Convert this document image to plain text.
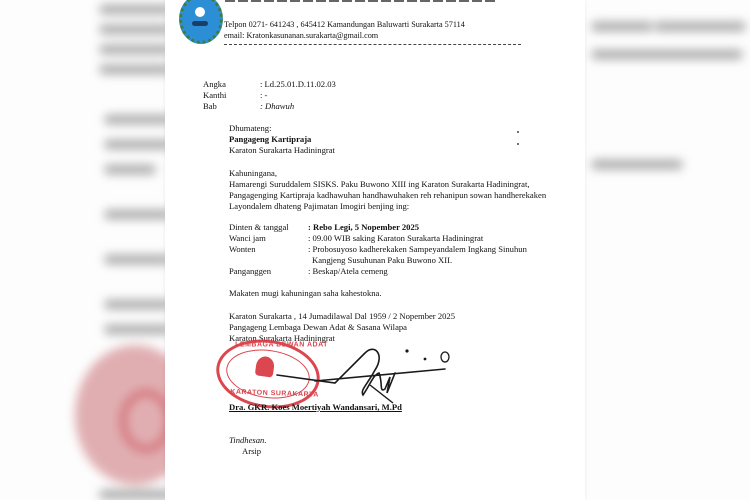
Telpon 0271- 641243 , 645412 Kamandungan Baluwarti Surakarta 57114
email: Kratonkasunanan.surakarta@gmail.com
Angka	: Ld.25.01.D.11.02.03
Kanthi	: -
Bab	: Dhawuh
Dhumateng:
Pangageng Kartipraja
Karaton Surakarta Hadiningrat
Kahuningana,
Hamarengi Suruddalem SISKS. Paku Buwono XIII ing Karaton Surakarta Hadiningrat,
Pangagenging Kartipraja kadhawuhan handhawuhaken reh rehanipun sowan handherekaken
Layondalem dhateng Pajimatan Imogiri benjing ing:
Dinten & tanggal : Rebo Legi, 5 Nopember 2025
Wanci jam	: 09.00 WIB saking Karaton Surakarta Hadiningrat
Wonten	: Probosuyoso kadherekaken Sampeyandalem Ingkang Sinuhun
Kangjeng Susuhunan Paku Buwono XII.
Panganggen	: Beskap/Atela cemeng
Makaten mugi kahuningan saha kahestokna.
Karaton Surakarta , 14 Jumadilawal Dal 1959 / 2 Nopember 2025
Pangageng Lembaga Dewan Adat & Sasana Wilapa
Karaton Surakarta Hadiningrat
LEMBAGA DEWAN ADAT
KARATON SURAKARTA
Dra. GKR. Koes Moertiyah Wandansari, M.Pd
Tindhesan.
Arsip
